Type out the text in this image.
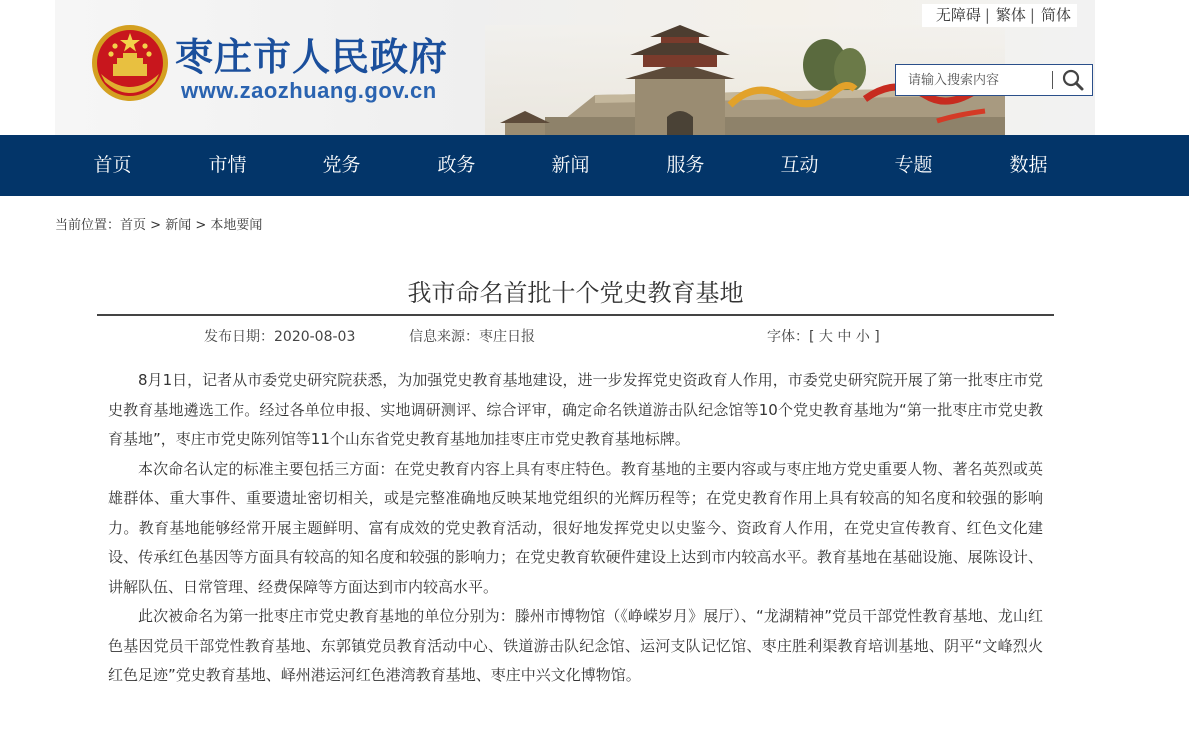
枣庄市人民政府
www.zaozhuang.gov.cn
无障碍 | 繁体 | 简体
请输入搜索内容
首页	市情	党务	政务	新闻	服务	互动	专题	数据
当前位置：首页 > 新闻 > 本地要闻
我市命名首批十个党史教育基地
发布日期：2020-08-03	信息来源：枣庄日报	字体：[ 大 中 小 ]

8月1日，记者从市委党史研究院获悉，为加强党史教育基地建设，进一步发挥党史资政育人作用，市委党史研究院开展了第一批枣庄市党史教育基地遴选工作。经过各单位申报、实地调研测评、综合评审，确定命名铁道游击队纪念馆等10个党史教育基地为“第一批枣庄市党史教育基地”，枣庄市党史陈列馆等11个山东省党史教育基地加挂枣庄市党史教育基地标牌。

本次命名认定的标准主要包括三方面：在党史教育内容上具有枣庄特色。教育基地的主要内容或与枣庄地方党史重要人物、著名英烈或英雄群体、重大事件、重要遗址密切相关，或是完整准确地反映某地党组织的光辉历程等；在党史教育作用上具有较高的知名度和较强的影响力。教育基地能够经常开展主题鲜明、富有成效的党史教育活动，很好地发挥党史以史鉴今、资政育人作用，在党史宣传教育、红色文化建设、传承红色基因等方面具有较高的知名度和较强的影响力；在党史教育软硬件建设上达到市内较高水平。教育基地在基础设施、展陈设计、讲解队伍、日常管理、经费保障等方面达到市内较高水平。

此次被命名为第一批枣庄市党史教育基地的单位分别为：滕州市博物馆（《峥嵘岁月》展厅）、“龙湖精神”党员干部党性教育基地、龙山红色基因党员干部党性教育基地、东郭镇党员教育活动中心、铁道游击队纪念馆、运河支队记忆馆、枣庄胜利渠教育培训基地、阴平“文峰烈火 红色足迹”党史教育基地、峄州港运河红色港湾教育基地、枣庄中兴文化博物馆。
